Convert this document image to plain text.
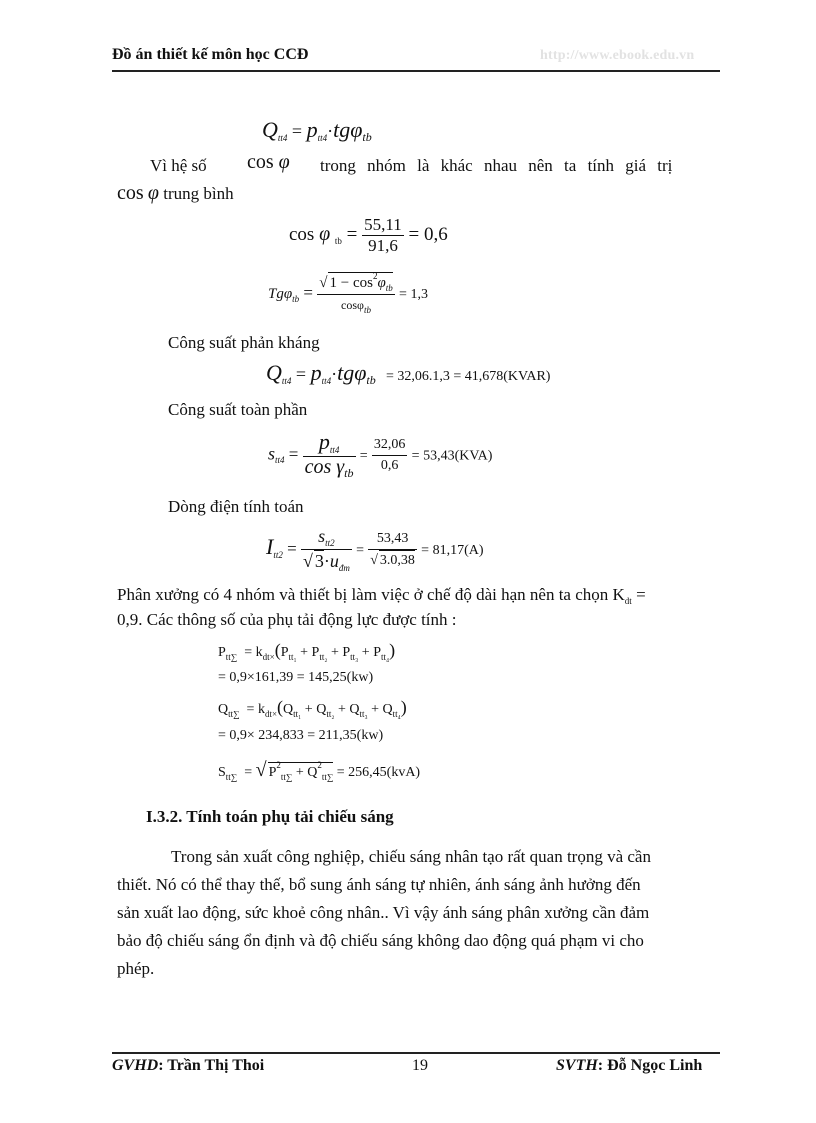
Đồ án thiết kế môn học CCĐ	http://www.ebook.edu.vn
$Q_{tt4} = p_{tt4}\cdot tg\varphi_{tb}$
Vì hệ số cos φ trong nhóm là khác nhau nên ta tính giá trị
cos φ trung bình
cos φ $_{tb} = \frac{55,11}{91,6} = 0,6$
$Tg\varphi_{tb} = \frac{√ 1 - \cos^2\varphi_{tb}}{\cos\varphi_{tb}} = 1,3$
Công suất phản kháng
$Q_{tt4} = p_{tt4}\cdot tg\varphi_{tb} = 32,06.1,3$ = 41,678(KVAR)
Công suất toàn phần
$s_{tt4} = \frac{\text{ptt4}}{\cos \gamma_{tb}} = \frac{32,06}{0,6} = 53,43(KVA)$
Dòng điện tính toán
$I_{tt2} = \frac{s_{tt2}}{√ 3\cdot u_{đm}} = \frac{53,43}{√ 3.0,38} = 81,17(A)$
Phân xưởng có 4 nhóm và thiết bị làm việc ở chế độ dài hạn nên ta chọn $K_{dt}$ =
0,9. Các thông số của phụ tải động lực được tính :
$P_{tt\sum} = k_{dt\times}(P_{tt_1} + P_{tt_2} + P_{tt_3} + P_{tt_4})$
= 0,9×161,39 = 145,25(kw)
$Q_{tt\sum} = k_{dt\times}(Q_{tt_1} + Q_{tt_2} + Q_{tt_3} + Q_{tt_4})$
= 0,9× 234,833 = 211,35(kw)
$S_{tt\sum}$  = √ $P^2_{tt\sum} + Q^2_{tt\sum} = 256,45(kvA)$
I.3.2. Tính toán phụ tải chiếu sáng
Trong sản xuất công nghiệp, chiếu sáng nhân tạo rất quan trọng và cần
thiết. Nó có thể thay thế, bổ sung ánh sáng tự nhiên, ánh sáng ảnh hưởng đến
sản xuất lao động, sức khoẻ công nhân.. Vì vậy ánh sáng phân xưởng cần đảm
bảo độ chiếu sáng ổn định và độ chiếu sáng không dao động quá phạm vi cho
phép.
GVHD: Trần Thị Thoi	19	SVTH: Đỗ Ngọc Linh
